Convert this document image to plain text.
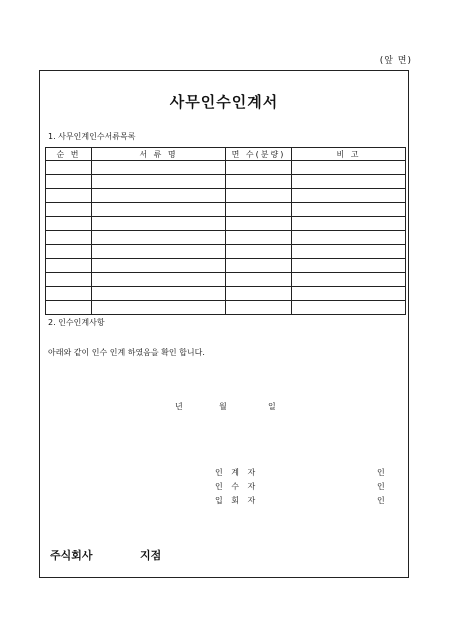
(앞 면)
사무인수인계서
1. 사무인계인수서류목록
순 번	서 류 명	면 수(분량)	비 고

2. 인수인계사항
아래와 같이 인수 인계 하였음을 확인 합니다.
년	월	일
인 계 자	인
인 수 자	인
입 회 자	인
주식회사	지점
